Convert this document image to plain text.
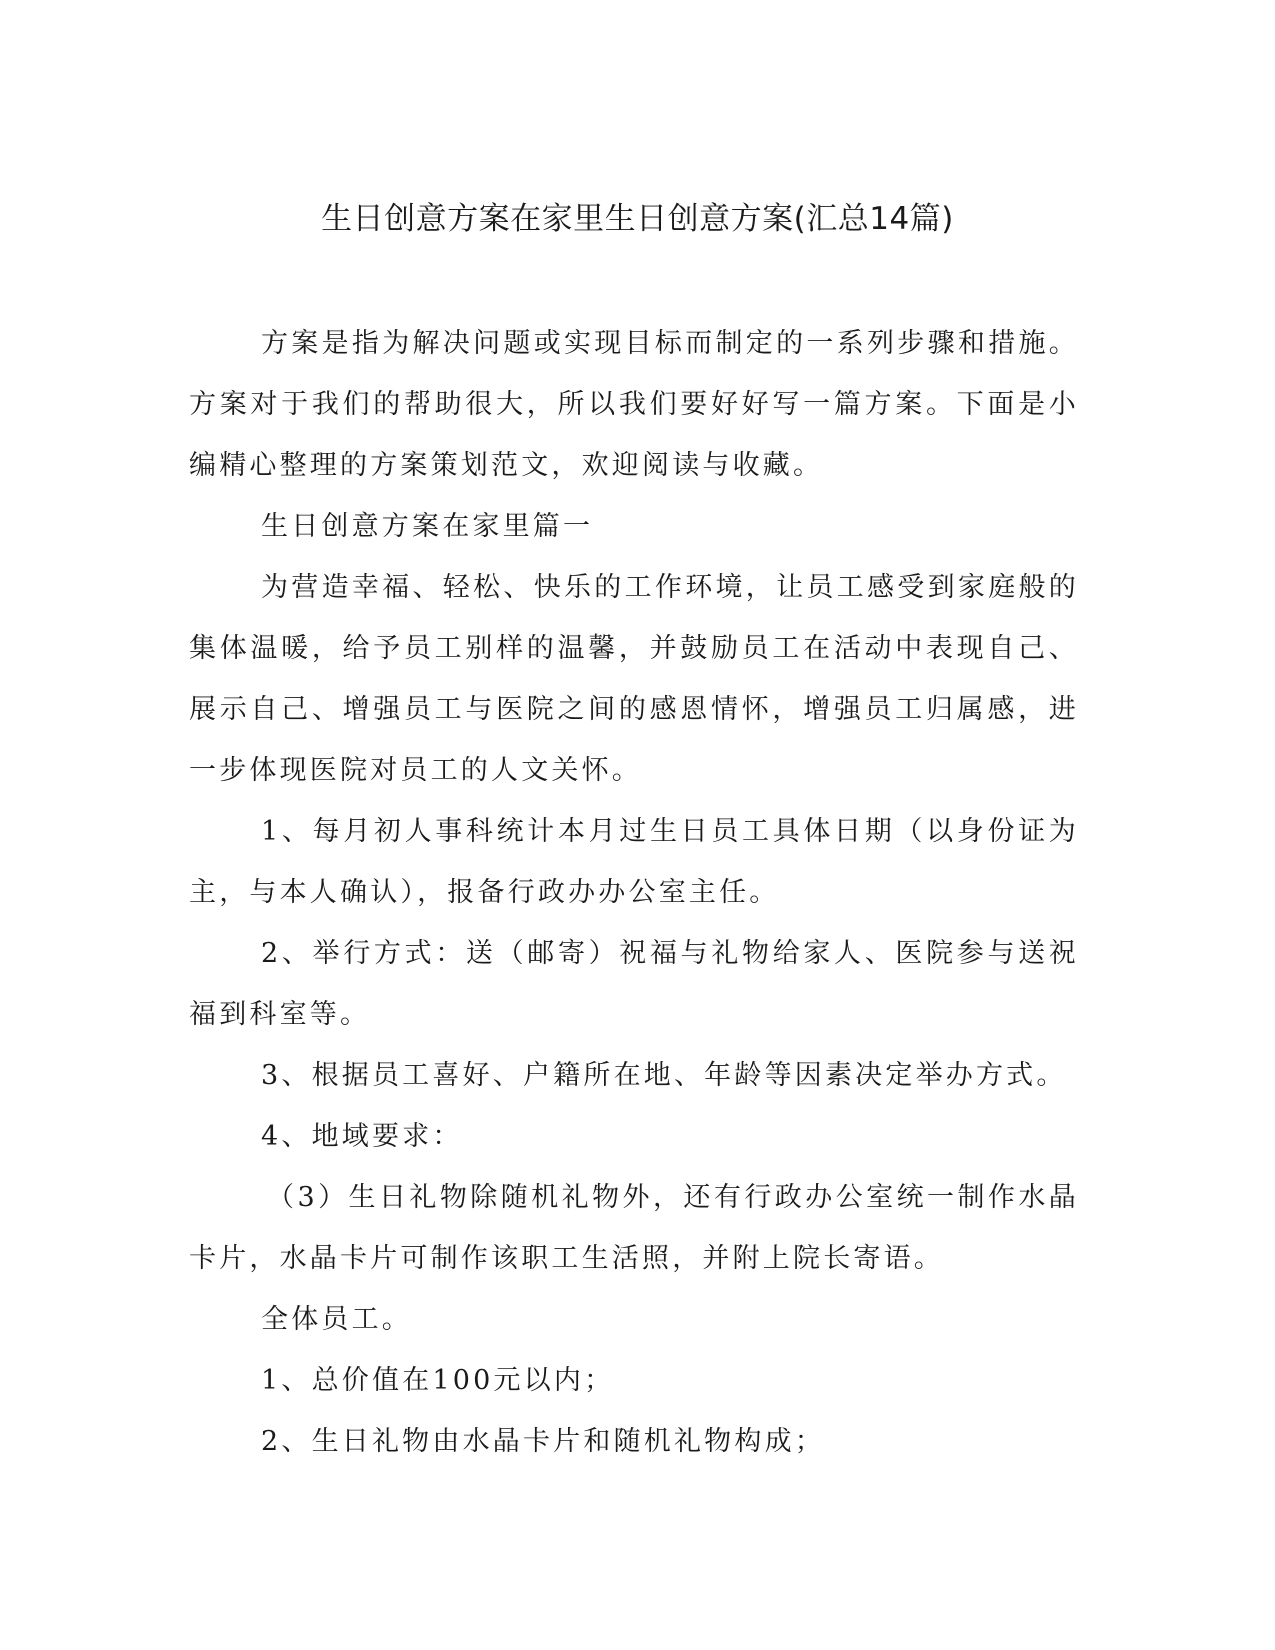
生日创意方案在家里生日创意方案(汇总14篇)

方案是指为解决问题或实现目标而制定的一系列步骤和措施。方案对于我们的帮助很大，所以我们要好好写一篇方案。下面是小编精心整理的方案策划范文，欢迎阅读与收藏。

生日创意方案在家里篇一

为营造幸福、轻松、快乐的工作环境，让员工感受到家庭般的集体温暖，给予员工别样的温馨，并鼓励员工在活动中表现自己、展示自己、增强员工与医院之间的感恩情怀，增强员工归属感，进一步体现医院对员工的人文关怀。

1、每月初人事科统计本月过生日员工具体日期（以身份证为主，与本人确认），报备行政办办公室主任。

2、举行方式：送（邮寄）祝福与礼物给家人、医院参与送祝福到科室等。

3、根据员工喜好、户籍所在地、年龄等因素决定举办方式。

4、地域要求：

（3）生日礼物除随机礼物外，还有行政办公室统一制作水晶卡片，水晶卡片可制作该职工生活照，并附上院长寄语。

全体员工。

1、总价值在100元以内；

2、生日礼物由水晶卡片和随机礼物构成；
